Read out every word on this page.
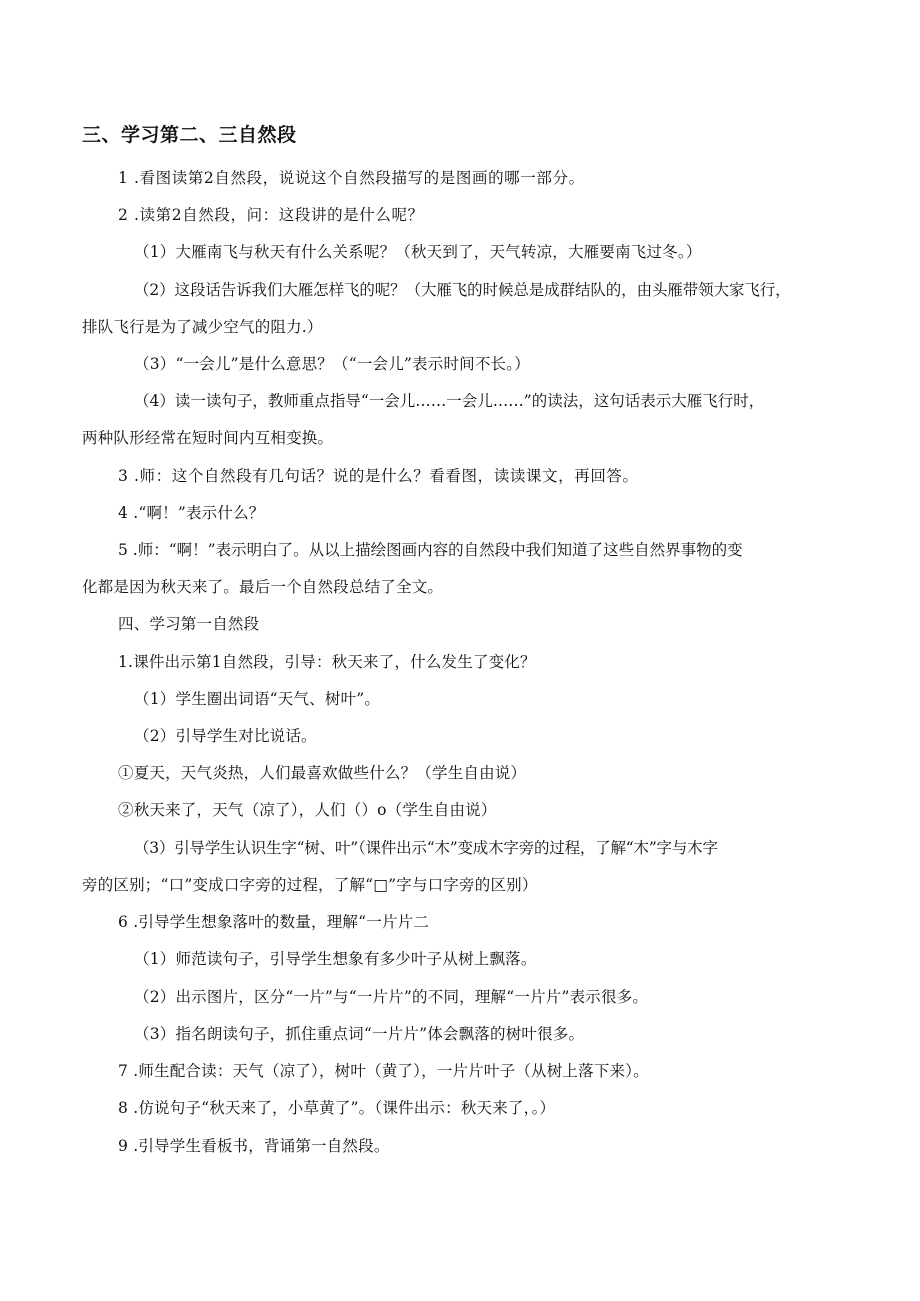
三、学习第二、三自然段
1 .看图读第2自然段，说说这个自然段描写的是图画的哪一部分。
2 .读第2自然段，问：这段讲的是什么呢？
（1）大雁南飞与秋天有什么关系呢？（秋天到了，天气转凉，大雁要南飞过冬。）
（2）这段话告诉我们大雁怎样飞的呢？（大雁飞的时候总是成群结队的，由头雁带领大家飞行，
排队飞行是为了减少空气的阻力.）
（3）“一会儿”是什么意思？（“一会儿”表示时间不长。）
（4）读一读句子，教师重点指导“一会儿……一会儿……”的读法，这句话表示大雁飞行时，
两种队形经常在短时间内互相变换。
3 .师：这个自然段有几句话？说的是什么？看看图，读读课文，再回答。
4 .“啊！”表示什么？
5 .师：“啊！”表示明白了。从以上描绘图画内容的自然段中我们知道了这些自然界事物的变
化都是因为秋天来了。最后一个自然段总结了全文。
四、学习第一自然段
1.课件出示第1自然段，引导：秋天来了，什么发生了变化？
（1）学生圈出词语“天气、树叶”。
（2）引导学生对比说话。
①夏天，天气炎热，人们最喜欢做些什么？（学生自由说）
②秋天来了，天气（凉了），人们（）o（学生自由说）
（3）引导学生认识生字“树、叶”（课件出示“木”变成木字旁的过程，了解“木”字与木字
旁的区别；“口”变成口字旁的过程，了解“□”字与口字旁的区别）
6 .引导学生想象落叶的数量，理解“一片片二
（1）师范读句子，引导学生想象有多少叶子从树上飘落。
（2）出示图片，区分“一片”与“一片片”的不同，理解“一片片”表示很多。
（3）指名朗读句子，抓住重点词“一片片”体会飘落的树叶很多。
7 .师生配合读：天气（凉了），树叶（黄了），一片片叶子（从树上落下来）。
8 .仿说句子“秋天来了，小草黄了”。（课件出示：秋天来了，。）
9 .引导学生看板书，背诵第一自然段。
